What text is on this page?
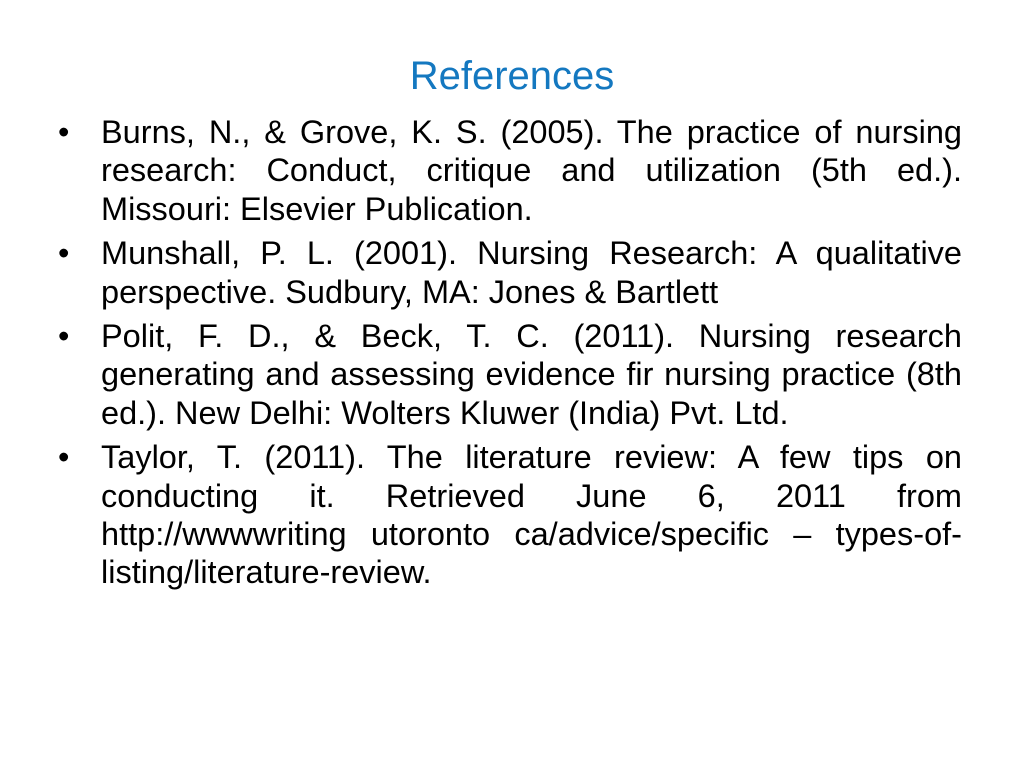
References
• Burns, N., & Grove, K. S. (2005). The practice of nursing research: Conduct, critique and utilization (5th ed.). Missouri: Elsevier Publication.
• Munshall, P. L. (2001). Nursing Research: A qualitative perspective. Sudbury, MA: Jones & Bartlett
• Polit, F. D., & Beck, T. C. (2011). Nursing research generating and assessing evidence fir nursing practice (8th ed.). New Delhi: Wolters Kluwer (India) Pvt. Ltd.
• Taylor, T. (2011). The literature review: A few tips on conducting it. Retrieved June 6, 2011 from http://wwwwriting utoronto ca/advice/specific – types-of-listing/literature-review.
